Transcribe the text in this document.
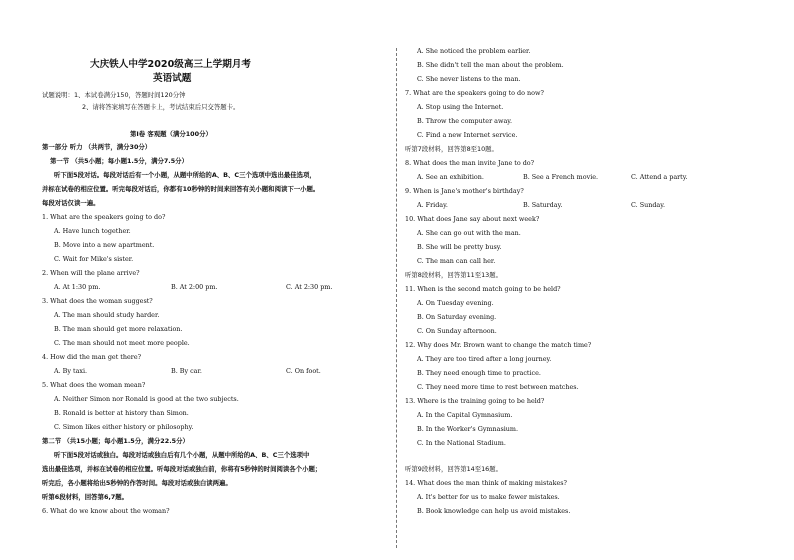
大庆铁人中学2020级高三上学期月考
英语试题
试题说明：1、本试卷满分150，答题时间120分钟
2、请将答案填写在答题卡上，考试结束后只交答题卡。
第Ⅰ卷 客观题（满分100分）
第一部分 听力 （共两节，满分30分）
第一节 （共5小题；每小题1.5分，满分7.5分）
听下面5段对话。每段对话后有一个小题，从题中所给的A、B、C三个选项中选出最佳选项，
并标在试卷的相应位置。听完每段对话后，你都有10秒钟的时间来回答有关小题和阅读下一小题。
每段对话仅读一遍。
1. What are the speakers going to do?
A. Have lunch together.
B. Move into a new apartment.
C. Wait for Mike's sister.
2. When will the plane arrive?
A. At 1:30 pm.	B. At 2:00 pm.	C. At 2:30 pm.
3. What does the woman suggest?
A. The man should study harder.
B. The man should get more relaxation.
C. The man should not meet more people.
4. How did the man get there?
A. By taxi.	B. By car.	C. On foot.
5. What does the woman mean?
A. Neither Simon nor Ronald is good at the two subjects.
B. Ronald is better at history than Simon.
C. Simon likes either history or philosophy.
第二节 （共15小题；每小题1.5分，满分22.5分）
听下面5段对话或独白。每段对话或独白后有几个小题，从题中所给的A、B、C三个选项中
选出最佳选项，并标在试卷的相应位置。听每段对话或独白前，你将有5秒钟的时间阅读各个小题；
听完后，各小题将给出5秒钟的作答时间。每段对话或独白读两遍。
听第6段材料，回答第6,7题。
6. What do we know about the woman?
A. She noticed the problem earlier.
B. She didn't tell the man about the problem.
C. She never listens to the man.
7. What are the speakers going to do now?
A. Stop using the Internet.
B. Throw the computer away.
C. Find a new Internet service.
听第7段材料，回答第8至10题。
8. What does the man invite Jane to do?
A. See an exhibition.	B. See a French movie.	C. Attend a party.
9. When is Jane's mother's birthday?
A. Friday.	B. Saturday.	C. Sunday.
10. What does Jane say about next week?
A. She can go out with the man.
B. She will be pretty busy.
C. The man can call her.
听第8段材料，回答第11至13题。
11. When is the second match going to be held?
A. On Tuesday evening.
B. On Saturday evening.
C. On Sunday afternoon.
12. Why does Mr. Brown want to change the match time?
A. They are too tired after a long journey.
B. They need enough time to practice.
C. They need more time to rest between matches.
13. Where is the training going to be held?
A. In the Capital Gymnasium.
B. In the Worker's Gymnasium.
C. In the National Stadium.
听第9段材料，回答第14至16题。
14. What does the man think of making mistakes?
A. It's better for us to make fewer mistakes.
B. Book knowledge can help us avoid mistakes.
